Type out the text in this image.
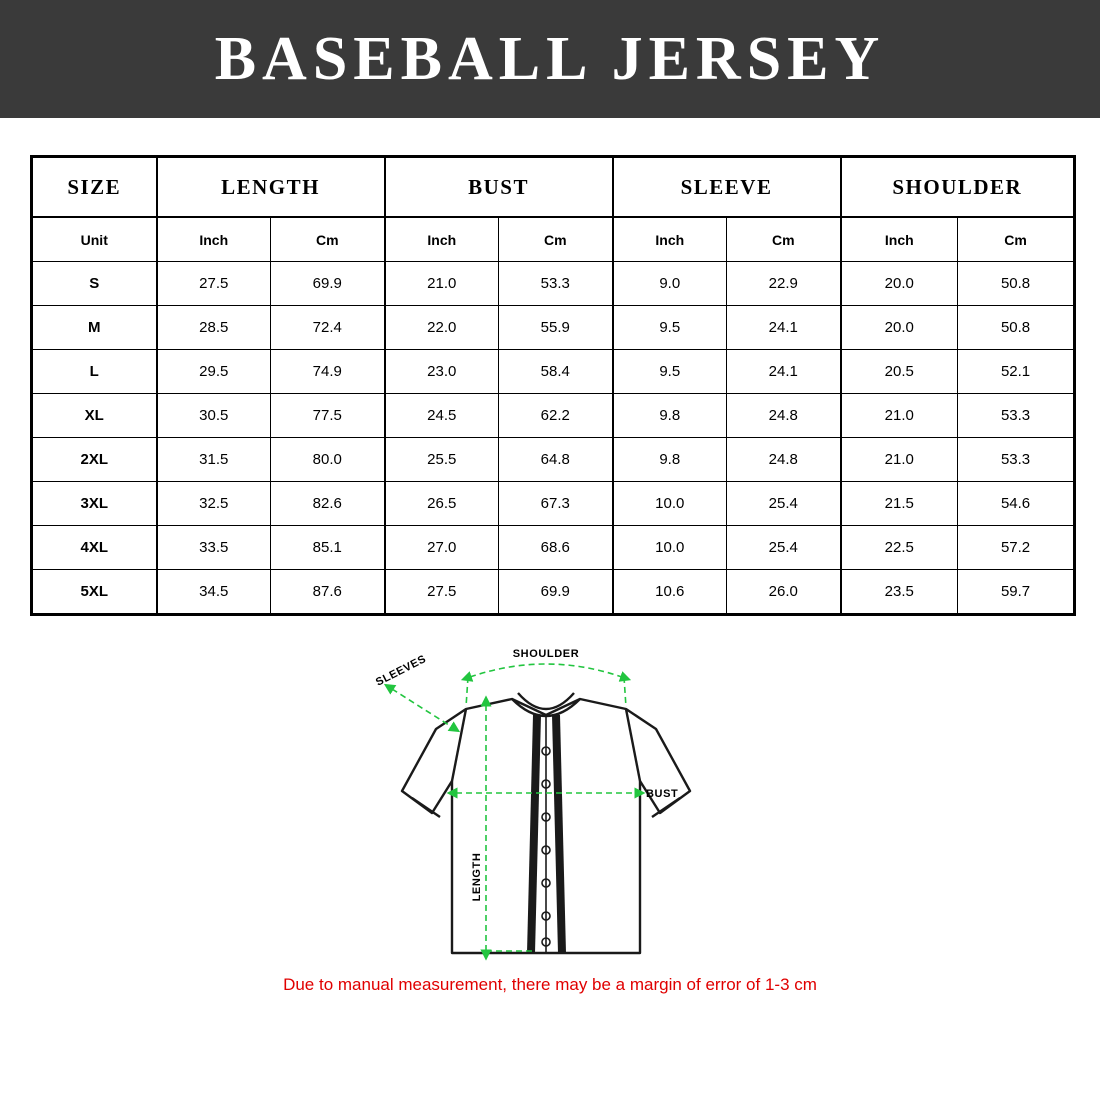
BASEBALL JERSEY
SIZE	LENGTH		BUST		SLEEVE		SHOULDER	
Unit	Inch	Cm	Inch	Cm	Inch	Cm	Inch	Cm
S	27.5	69.9	21.0	53.3	9.0	22.9	20.0	50.8
M	28.5	72.4	22.0	55.9	9.5	24.1	20.0	50.8
L	29.5	74.9	23.0	58.4	9.5	24.1	20.5	52.1
XL	30.5	77.5	24.5	62.2	9.8	24.8	21.0	53.3
2XL	31.5	80.0	25.5	64.8	9.8	24.8	21.0	53.3
3XL	32.5	82.6	26.5	67.3	10.0	25.4	21.5	54.6
4XL	33.5	85.1	27.0	68.6	10.0	25.4	22.5	57.2
5XL	34.5	87.6	27.5	69.9	10.6	26.0	23.5	59.7
SHOULDER
SLEEVES
BUST
LENGTH
Due to manual measurement, there may be a margin of error of 1-3 cm
